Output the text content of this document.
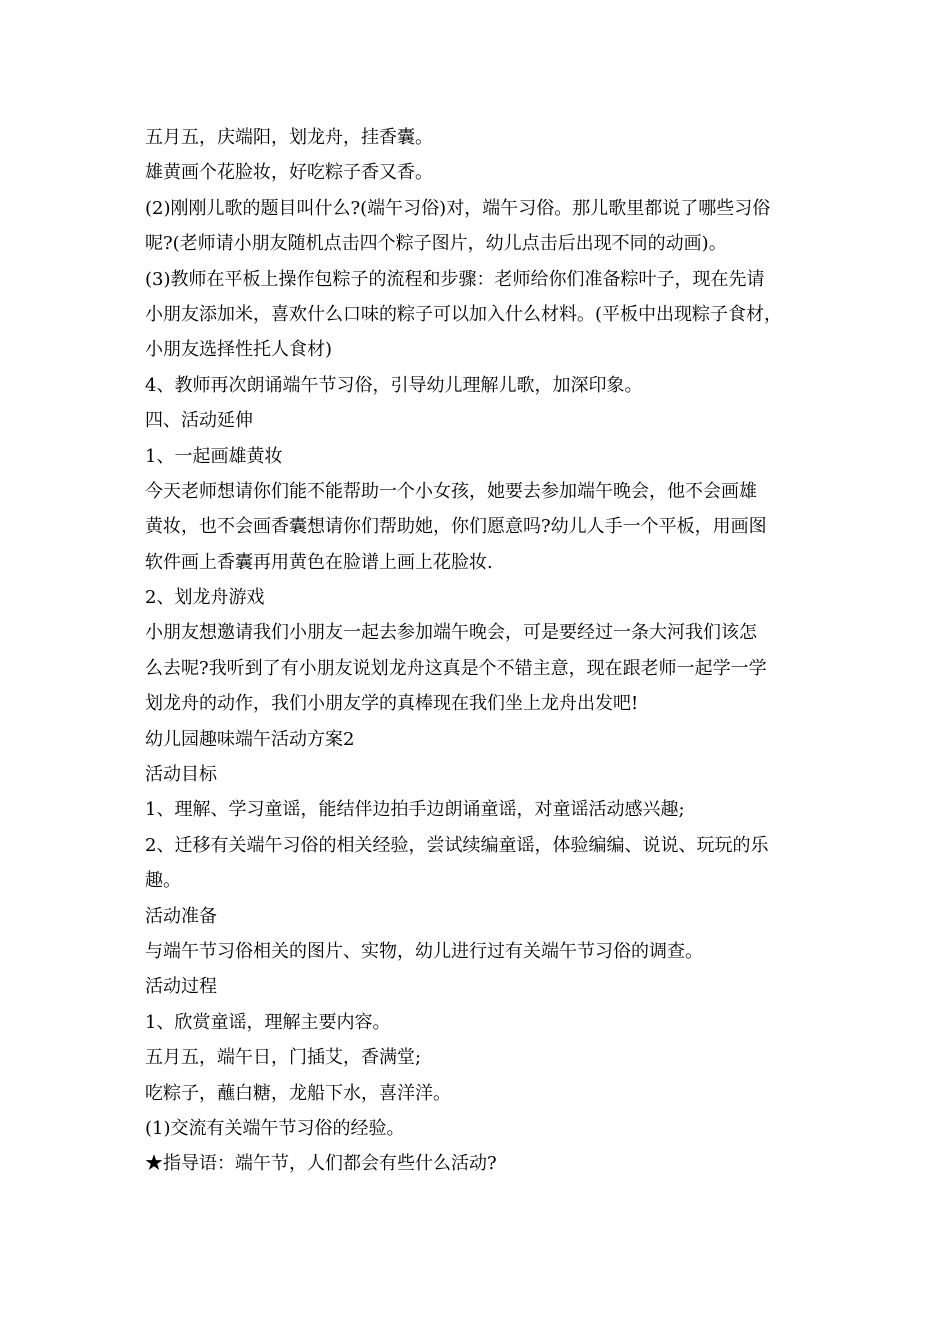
五月五，庆端阳，划龙舟，挂香囊。
雄黄画个花脸妆，好吃粽子香又香。
(2)刚刚儿歌的题目叫什么?(端午习俗)对，端午习俗。那儿歌里都说了哪些习俗
呢?(老师请小朋友随机点击四个粽子图片，幼儿点击后出现不同的动画)。
(3)教师在平板上操作包粽子的流程和步骤：老师给你们准备粽叶子，现在先请
小朋友添加米，喜欢什么口味的粽子可以加入什么材料。(平板中出现粽子食材，
小朋友选择性托人食材)
4、教师再次朗诵端午节习俗，引导幼儿理解儿歌，加深印象。
四、活动延伸
1、一起画雄黄妆
今天老师想请你们能不能帮助一个小女孩，她要去参加端午晚会，他不会画雄
黄妆，也不会画香囊想请你们帮助她，你们愿意吗?幼儿人手一个平板，用画图
软件画上香囊再用黄色在脸谱上画上花脸妆.
2、划龙舟游戏
小朋友想邀请我们小朋友一起去参加端午晚会，可是要经过一条大河我们该怎
么去呢?我听到了有小朋友说划龙舟这真是个不错主意，现在跟老师一起学一学
划龙舟的动作，我们小朋友学的真棒现在我们坐上龙舟出发吧!
幼儿园趣味端午活动方案2
活动目标
1、理解、学习童谣，能结伴边拍手边朗诵童谣，对童谣活动感兴趣;
2、迁移有关端午习俗的相关经验，尝试续编童谣，体验编编、说说、玩玩的乐
趣。
活动准备
与端午节习俗相关的图片、实物，幼儿进行过有关端午节习俗的调查。
活动过程
1、欣赏童谣，理解主要内容。
五月五，端午日，门插艾，香满堂;
吃粽子，蘸白糖，龙船下水，喜洋洋。
(1)交流有关端午节习俗的经验。
★指导语：端午节，人们都会有些什么活动?
